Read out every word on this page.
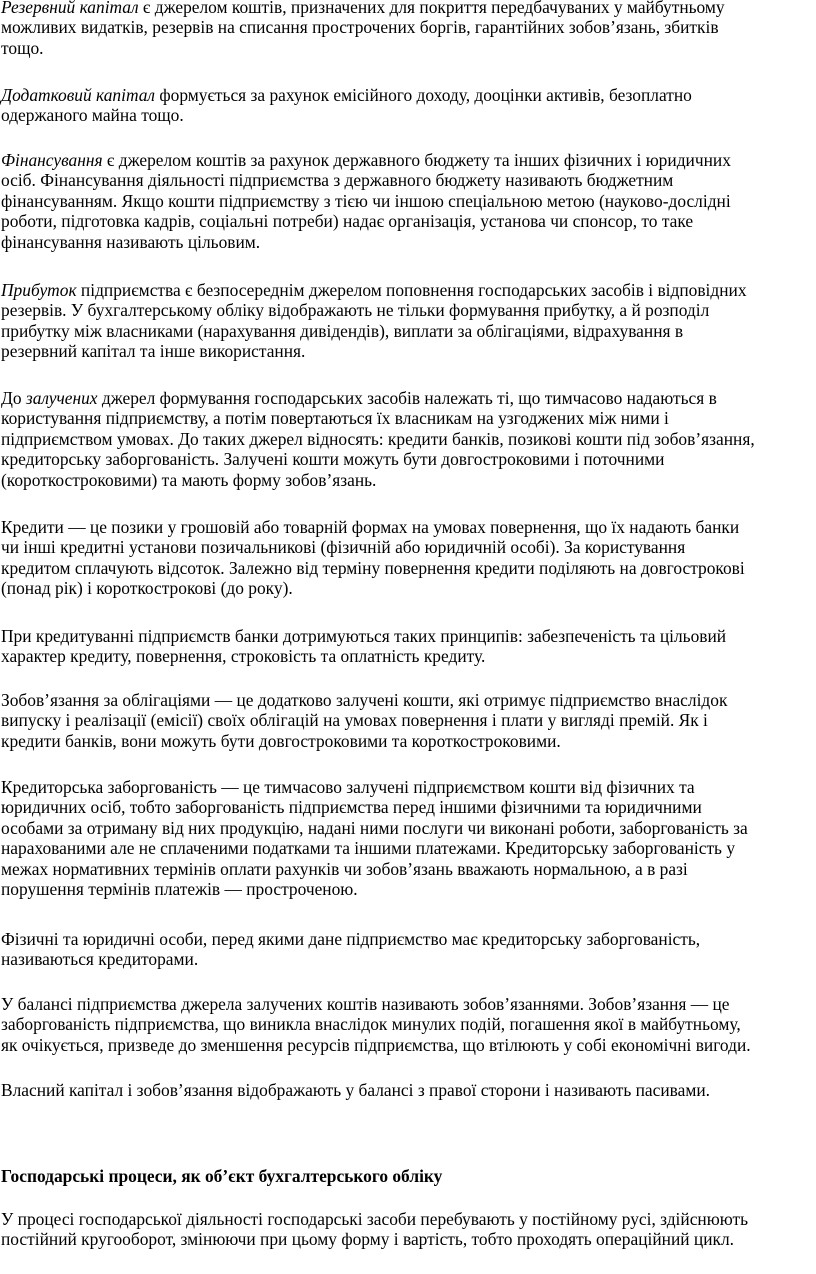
Резервний капітал є джерелом коштів, призначених для покриття передбачуваних у майбутньому
можливих видатків, резервів на списання прострочених боргів, гарантійних зобов’язань, збитків
тощо.

Додатковий капітал формується за рахунок емісійного доходу, дооцінки активів, безоплатно
одержаного майна тощо.

Фінансування є джерелом коштів за рахунок державного бюджету та інших фізичних і юридичних
осіб. Фінансування діяльності підприємства з державного бюджету називають бюджетним
фінансуванням. Якщо кошти підприємству з тією чи іншою спеціальною метою (науково-дослідні
роботи, підготовка кадрів, соціальні потреби) надає організація, установа чи спонсор, то таке
фінансування називають цільовим.

Прибуток підприємства є безпосереднім джерелом поповнення господарських засобів і відповідних
резервів. У бухгалтерському обліку відображають не тільки формування прибутку, а й розподіл
прибутку між власниками (нарахування дивідендів), виплати за облігаціями, відрахування в
резервний капітал та інше використання.

До залучених джерел формування господарських засобів належать ті, що тимчасово надаються в
користування підприємству, а потім повертаються їх власникам на узгоджених між ними і
підприємством умовах. До таких джерел відносять: кредити банків, позикові кошти під зобов’язання,
кредиторську заборгованість. Залучені кошти можуть бути довгостроковими і поточними
(короткостроковими) та мають форму зобов’язань.

Кредити — це позики у грошовій або товарній формах на умовах повернення, що їх надають банки
чи інші кредитні установи позичальникові (фізичній або юридичній особі). За користування
кредитом сплачують відсоток. Залежно від терміну повернення кредити поділяють на довгострокові
(понад рік) і короткострокові (до року).

При кредитуванні підприємств банки дотримуються таких принципів: забезпеченість та цільовий
характер кредиту, повернення, строковість та оплатність кредиту.

Зобов’язання за облігаціями — це додатково залучені кошти, які отримує підприємство внаслідок
випуску і реалізації (емісії) своїх облігацій на умовах повернення і плати у вигляді премій. Як і
кредити банків, вони можуть бути довгостроковими та короткостроковими.

Кредиторська заборгованість — це тимчасово залучені підприємством кошти від фізичних та
юридичних осіб, тобто заборгованість підприємства перед іншими фізичними та юридичними
особами за отриману від них продукцію, надані ними послуги чи виконані роботи, заборгованість за
нарахованими але не сплаченими податками та іншими платежами. Кредиторську заборгованість у
межах нормативних термінів оплати рахунків чи зобов’язань вважають нормальною, а в разі
порушення термінів платежів — простроченою.

Фізичні та юридичні особи, перед якими дане підприємство має кредиторську заборгованість,
називаються кредиторами.

У балансі підприємства джерела залучених коштів називають зобов’язаннями. Зобов’язання — це
заборгованість підприємства, що виникла внаслідок минулих подій, погашення якої в майбутньому,
як очікується, призведе до зменшення ресурсів підприємства, що втілюють у собі економічні вигоди.

Власний капітал і зобов’язання відображають у балансі з правої сторони і називають пасивами.

Господарські процеси, як об’єкт бухгалтерського обліку

У процесі господарської діяльності господарські засоби перебувають у постійному русі, здійснюють
постійний кругооборот, змінюючи при цьому форму і вартість, тобто проходять операційний цикл.
